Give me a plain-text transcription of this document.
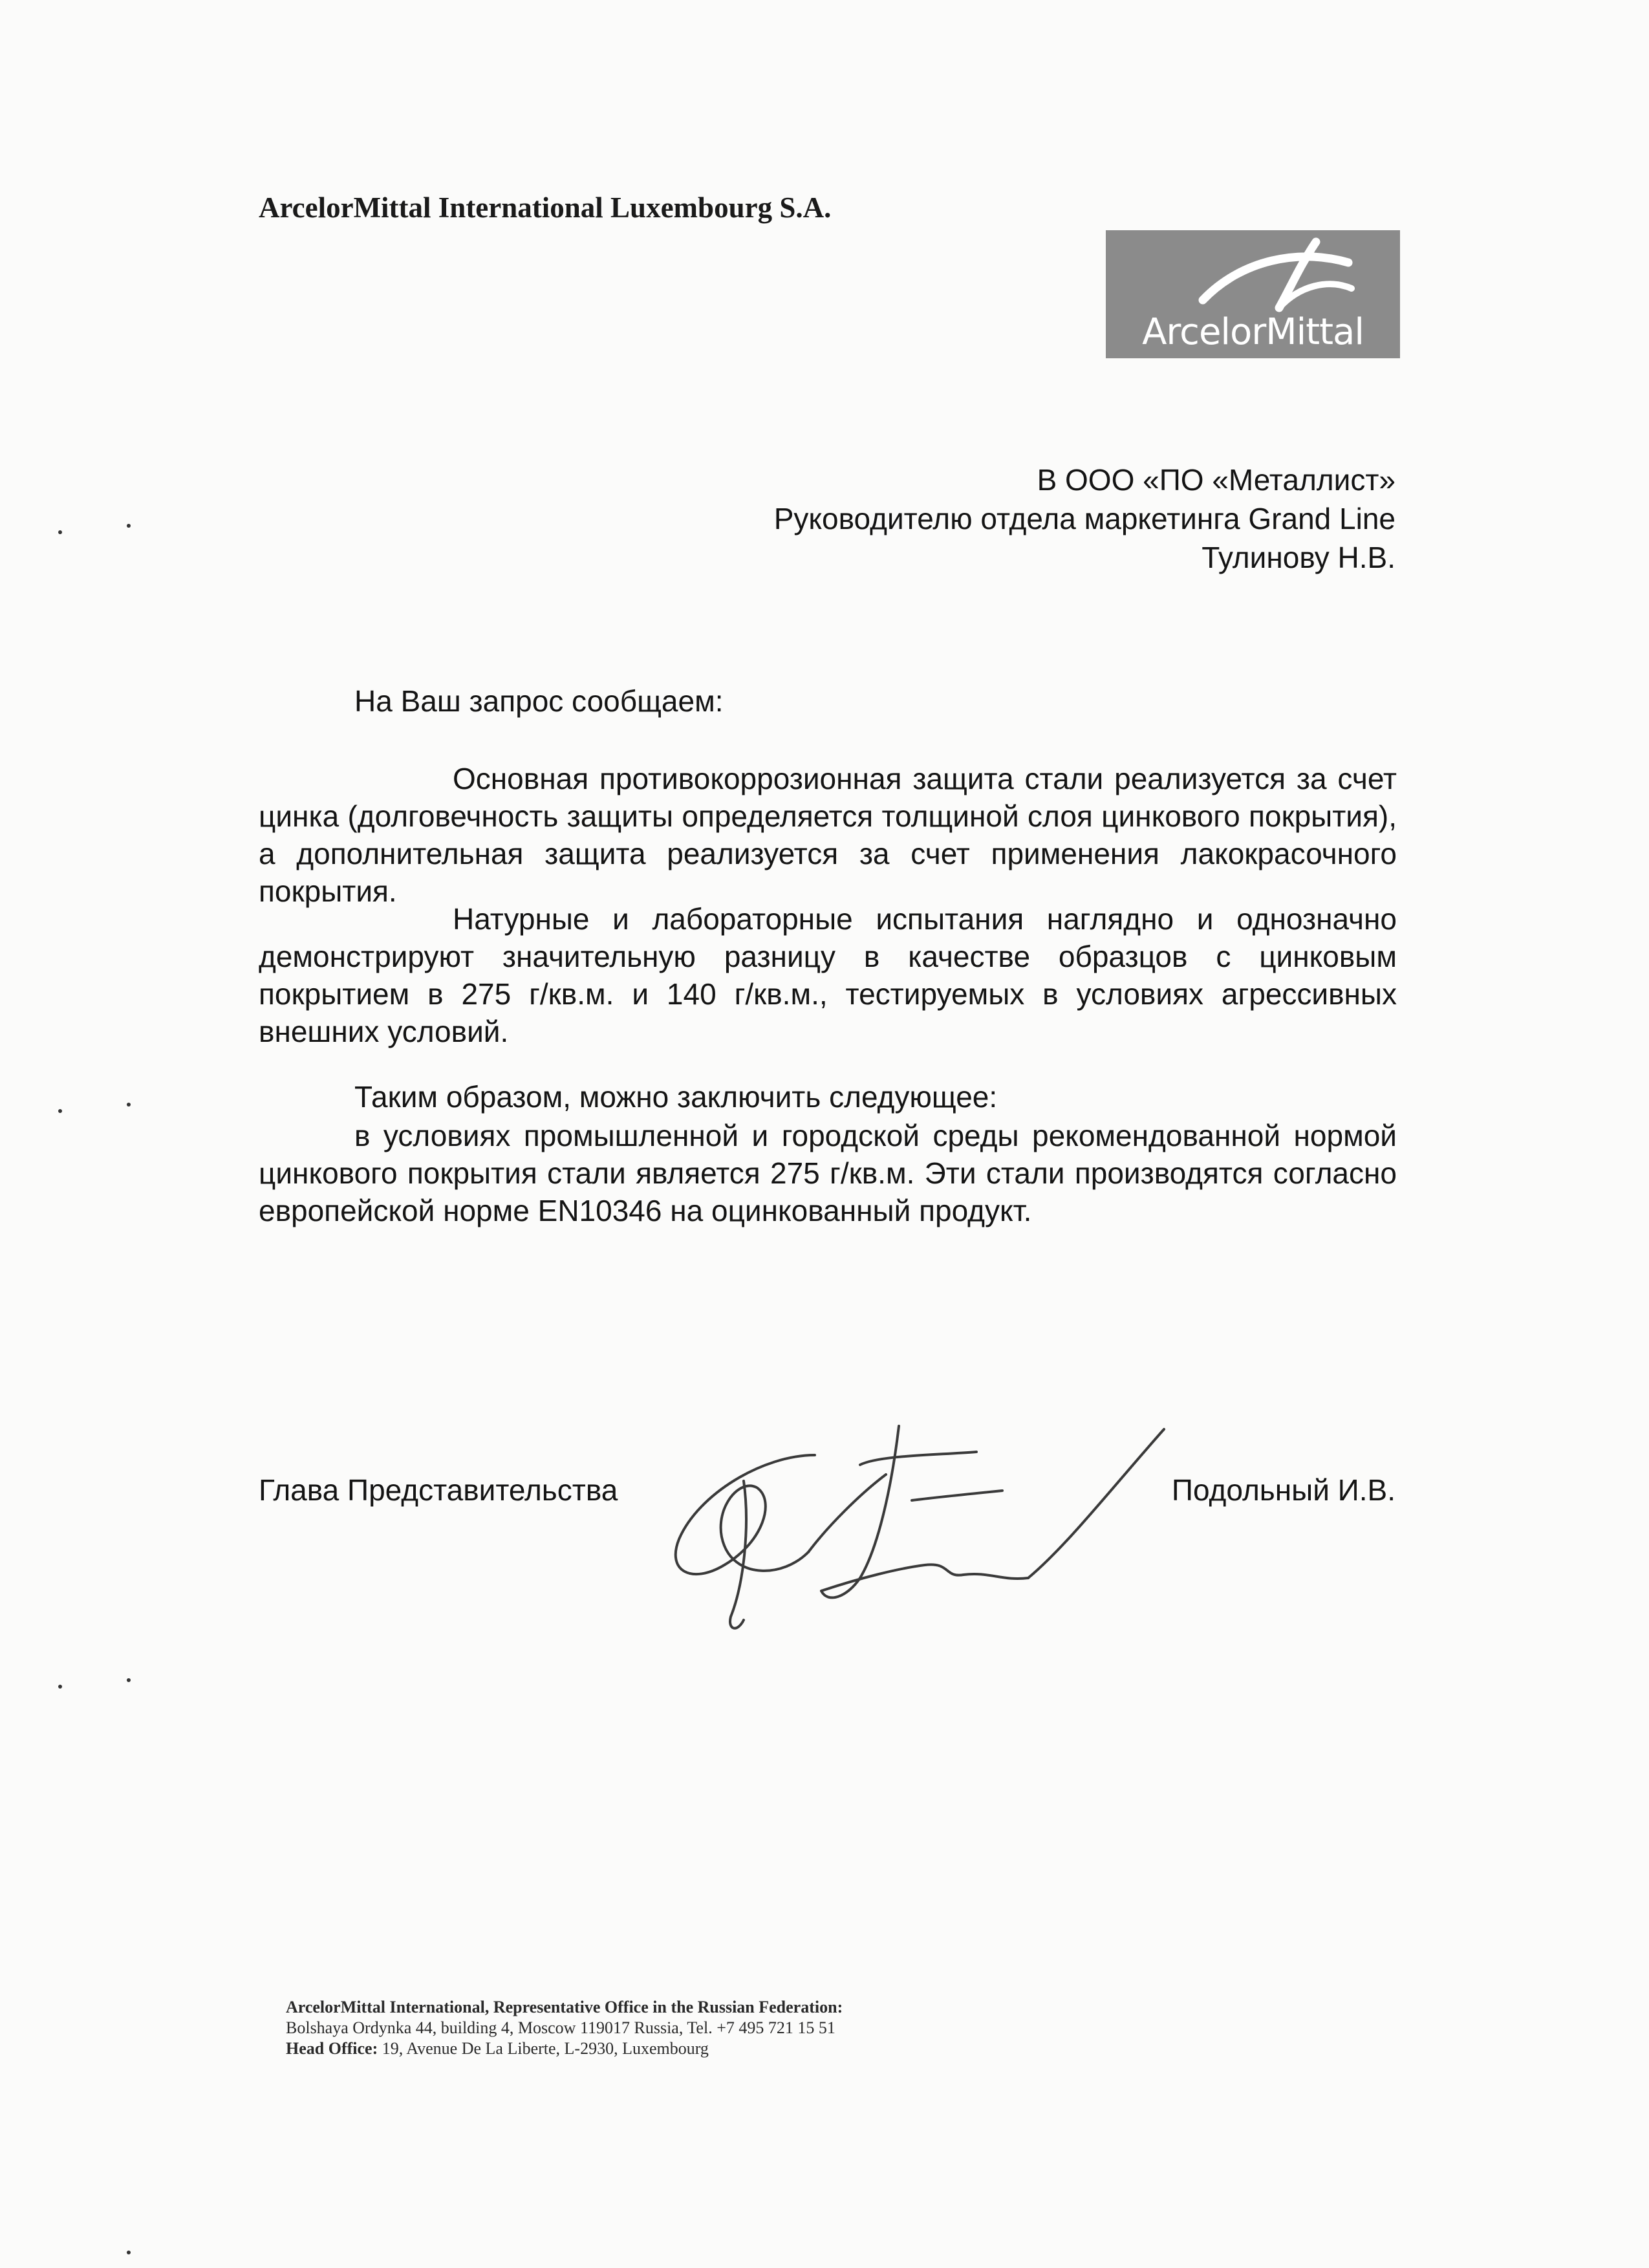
ArcelorMittal International Luxembourg S.A.
ArcelorMittal
В ООО «ПО «Металлист»
Руководителю отдела маркетинга Grand Line
Тулинову Н.В.
На Ваш запрос сообщаем:
Основная противокоррозионная защита стали реализуется за счет цинка (долговечность защиты определяется толщиной слоя цинкового покрытия), а дополнительная защита реализуется за счет применения лакокрасочного покрытия.
Натурные и лабораторные испытания наглядно и однозначно демонстрируют значительную разницу в качестве образцов с цинковым покрытием в 275 г/кв.м. и 140 г/кв.м., тестируемых в условиях агрессивных внешних условий.
Таким образом, можно заключить следующее:
в условиях промышленной и городской среды рекомендованной нормой цинкового покрытия стали является 275 г/кв.м. Эти стали производятся согласно европейской норме EN10346 на оцинкованный продукт.
Глава Представительства	Подольный И.В.
ArcelorMittal International, Representative Office in the Russian Federation:
Bolshaya Ordynka 44, building 4, Moscow 119017 Russia, Tel. +7 495 721 15 51
Head Office: 19, Avenue De La Liberte, L-2930, Luxembourg
